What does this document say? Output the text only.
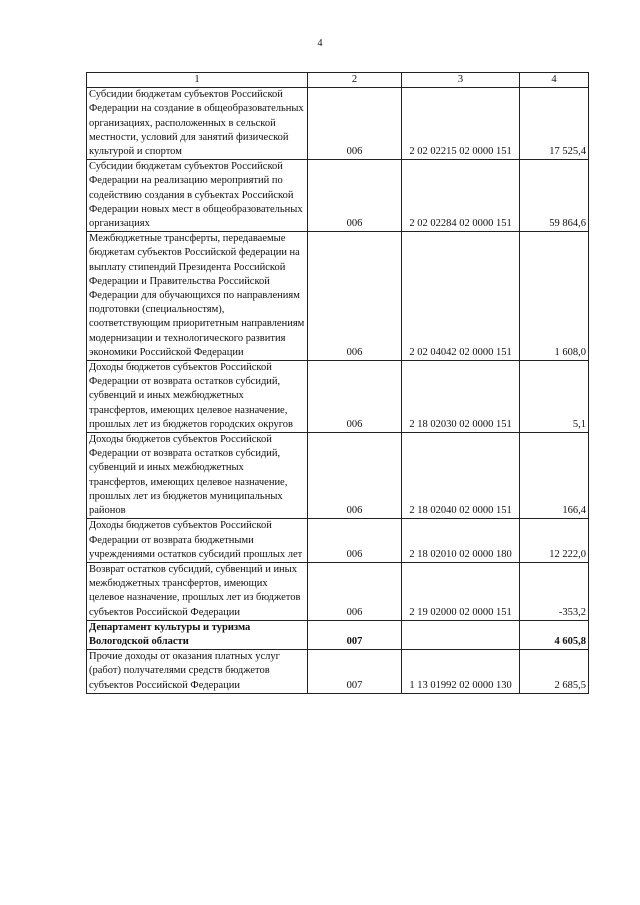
4
1	2	3	4
Субсидии бюджетам субъектов Российской Федерации на создание в общеобразовательных организациях, расположенных в сельской местности, условий для занятий физической культурой и спортом	006	2 02 02215 02 0000 151	17 525,4
Субсидии бюджетам субъектов Российской Федерации на реализацию мероприятий по содействию создания в субъектах Российской Федерации новых мест в общеобразовательных организациях	006	2 02 02284 02 0000 151	59 864,6
Межбюджетные трансферты, передаваемые бюджетам субъектов Российской федерации на выплату стипендий Президента Российской Федерации и Правительства Российской Федерации для обучающихся по направлениям подготовки (специальностям), соответствующим приоритетным направлениям модернизации и технологического развития экономики Российской Федерации	006	2 02 04042 02 0000 151	1 608,0
Доходы бюджетов субъектов Российской Федерации от возврата остатков субсидий, субвенций и иных межбюджетных трансфертов, имеющих целевое назначение, прошлых лет из бюджетов городских округов	006	2 18 02030 02 0000 151	5,1
Доходы бюджетов субъектов Российской Федерации от возврата остатков субсидий, субвенций и иных межбюджетных трансфертов, имеющих целевое назначение, прошлых лет из бюджетов муниципальных районов	006	2 18 02040 02 0000 151	166,4
Доходы бюджетов субъектов Российской Федерации от возврата бюджетными учреждениями остатков субсидий прошлых лет	006	2 18 02010 02 0000 180	12 222,0
Возврат остатков субсидий, субвенций и иных межбюджетных трансфертов, имеющих целевое назначение, прошлых лет из бюджетов субъектов Российской Федерации	006	2 19 02000 02 0000 151	-353,2
Департамент культуры и туризма Вологодской области	007		4 605,8
Прочие доходы от оказания платных услуг (работ) получателями средств бюджетов субъектов Российской Федерации	007	1 13 01992 02 0000 130	2 685,5
